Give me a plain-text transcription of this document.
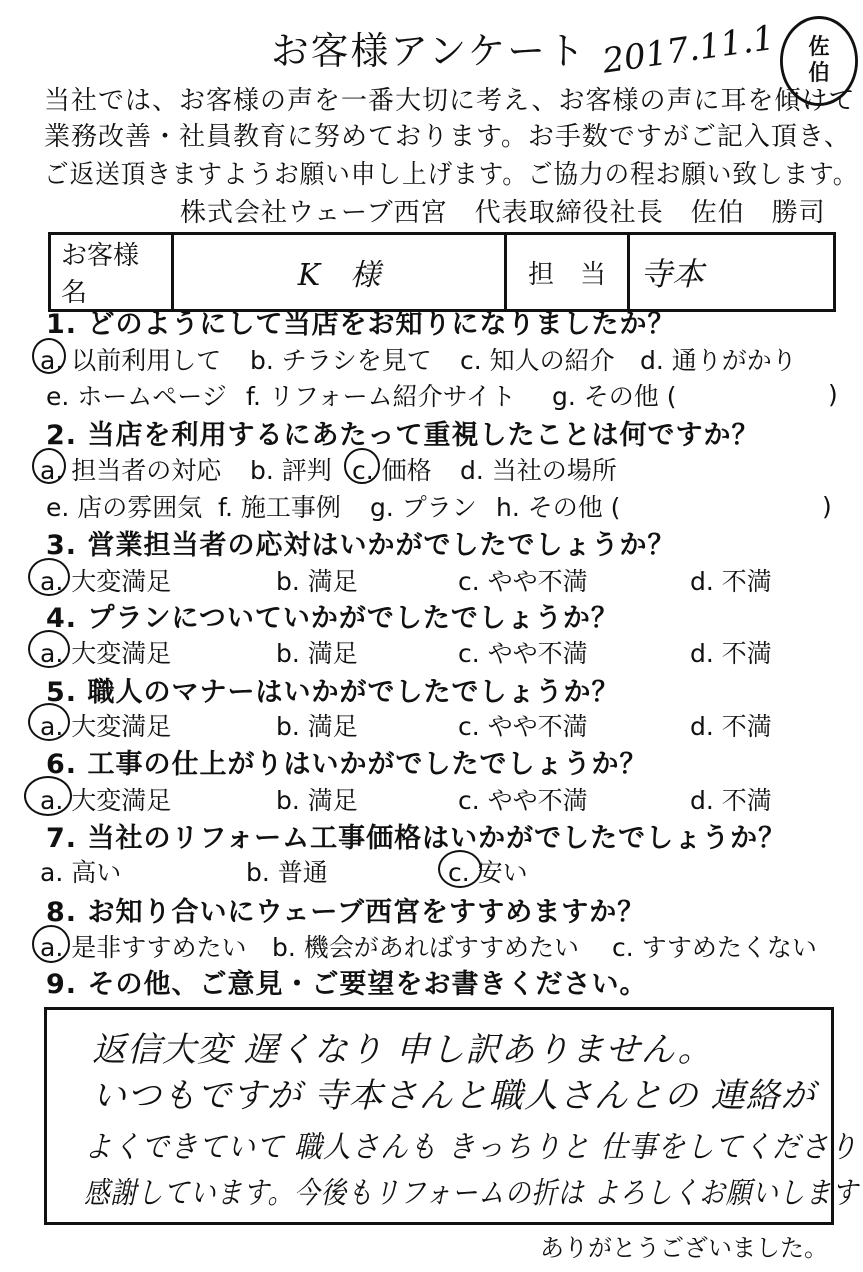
お客様アンケート 2017.11.1 佐
伯
当社では、お客様の声を一番大切に考え、お客様の声に耳を傾けて
業務改善・社員教育に努めております。お手数ですがご記入頂き、
ご返送頂きますようお願い申し上げます。ご協力の程お願い致します。
株式会社ウェーブ西宮　代表取締役社長　佐伯　勝司
お客様名	K　様	担　当	寺本
1. どのようにして当店をお知りになりましたか？
a. 以前利用して b. チラシを見て c. 知人の紹介 d. 通りがかり
e. ホームページ f. リフォーム紹介サイト g. その他 (	)
2. 当店を利用するにあたって重視したことは何ですか？
a. 担当者の対応 b. 評判 c. 価格 d. 当社の場所
e. 店の雰囲気 f. 施工事例 g. プラン h. その他 (	)
3. 営業担当者の応対はいかがでしたでしょうか？
a. 大変満足	b. 満足	c. やや不満	d. 不満
4. プランについていかがでしたでしょうか？
a. 大変満足	b. 満足	c. やや不満	d. 不満
5. 職人のマナーはいかがでしたでしょうか？
a. 大変満足	b. 満足	c. やや不満	d. 不満
6. 工事の仕上がりはいかがでしたでしょうか？
a. 大変満足	b. 満足	c. やや不満	d. 不満
7. 当社のリフォーム工事価格はいかがでしたでしょうか？
a. 高い	b. 普通	c. 安い
8. お知り合いにウェーブ西宮をすすめますか？
a. 是非すすめたい b. 機会があればすすめたい c. すすめたくない
9. その他、ご意見・ご要望をお書きください。
返信大変 遅くなり 申し訳ありません。
いつもですが 寺本さんと職人さんとの 連絡が
よくできていて 職人さんも きっちりと 仕事をしてくださり
感謝しています。今後もリフォームの折は よろしくお願いします
ありがとうございました。
